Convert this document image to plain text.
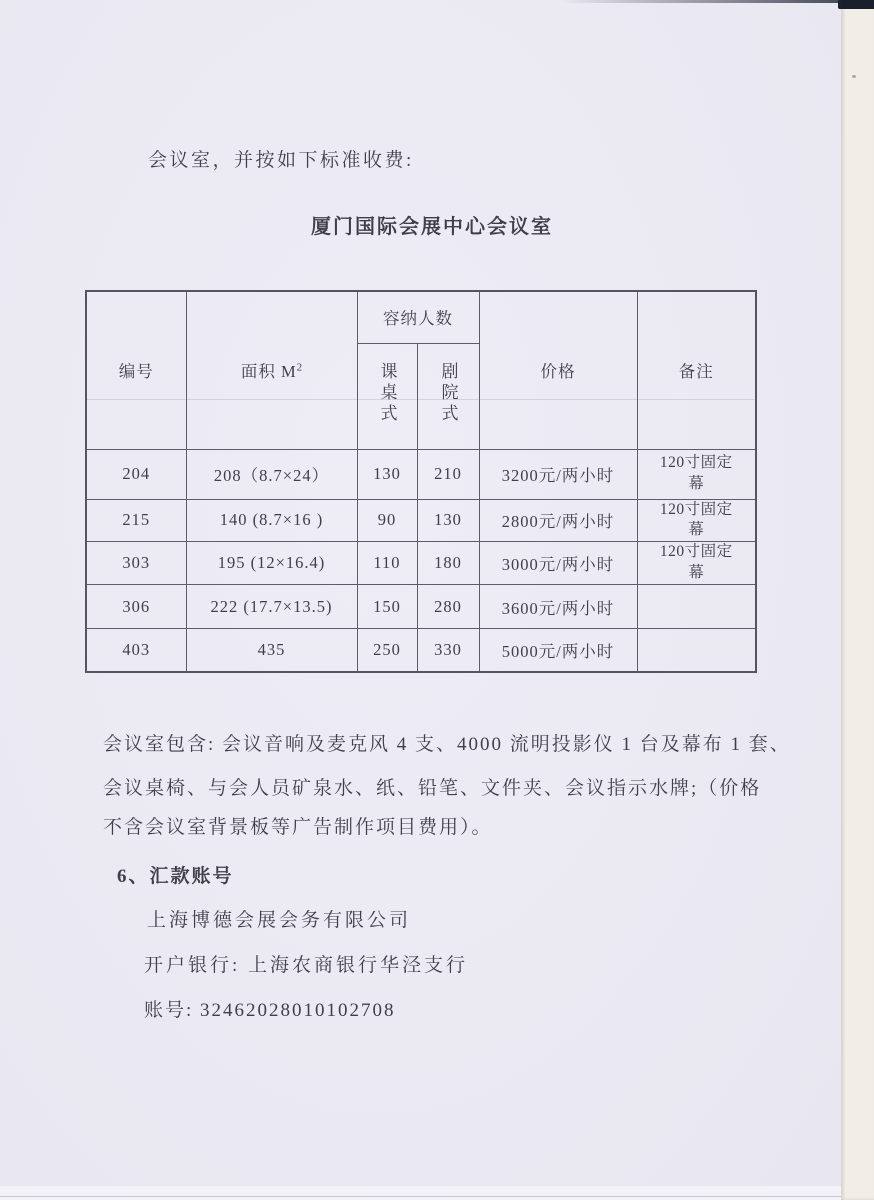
会议室，并按如下标准收费:
厦门国际会展中心会议室
编号	面积 $M^2$	容纳人数		价格	备注
		课桌式	剧院式		
204	208（8.7×24）	130	210	3200元/两小时	120寸固定幕
215	140 (8.7×16 )	90	130	2800元/两小时	120寸固定幕
303	195 (12×16.4)	110	180	3000元/两小时	120寸固定幕
306	222 (17.7×13.5)	150	280	3600元/两小时	
403	435	250	330	5000元/两小时	
会议室包含: 会议音响及麦克风 4 支、4000 流明投影仪 1 台及幕布 1 套、
会议桌椅、与会人员矿泉水、纸、铅笔、文件夹、会议指示水牌;（价格
不含会议室背景板等广告制作项目费用）。
6、汇款账号
上海博德会展会务有限公司
开户银行: 上海农商银行华泾支行
账号: 32462028010102708
